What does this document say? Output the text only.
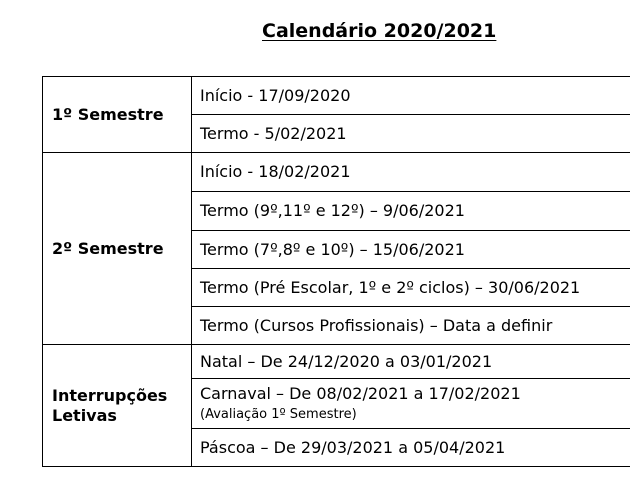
Calendário 2020/2021
1º Semestre	Início - 17/09/2020
	Termo - 5/02/2021
2º Semestre	Início - 18/02/2021
	Termo (9º,11º e 12º) – 9/06/2021
	Termo (7º,8º e 10º) – 15/06/2021
	Termo (Pré Escolar, 1º e 2º ciclos) – 30/06/2021
	Termo (Cursos Profissionais) – Data a definir

Interrupções
Letivas	Natal – De 24/12/2020 a 03/01/2021
	Carnaval – De 08/02/2021 a 17/02/2021
(Avaliação 1º Semestre)

	Páscoa – De 29/03/2021 a 05/04/2021
